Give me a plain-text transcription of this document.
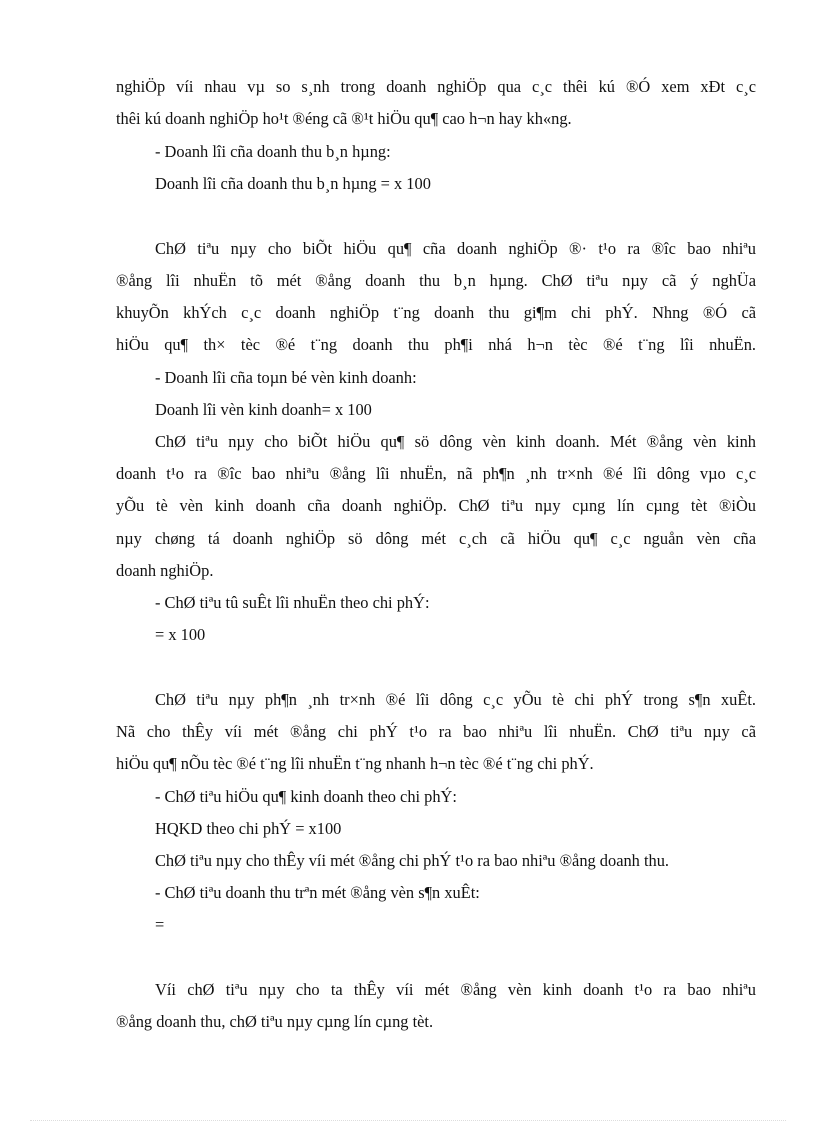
nghiÖp víi nhau vµ so s¸nh trong doanh nghiÖp qua c¸c thêi kú ®Ó xem xÐt c¸c

thêi kú doanh nghiÖp ho¹t ®éng cã ®¹t hiÖu qu¶ cao h¬n hay kh«ng.

- Doanh lîi cña doanh thu b¸n hµng:

Doanh lîi cña doanh thu b¸n hµng = x 100

ChØ tiªu nµy cho biÕt hiÖu qu¶ cña doanh nghiÖp ®· t¹o ra ®îc bao nhiªu

®ång lîi nhuËn tõ mét ®ång doanh thu b¸n hµng. ChØ tiªu nµy cã ý nghÜa

khuyÕn khÝch c¸c doanh nghiÖp t¨ng doanh thu gi¶m chi phÝ. Nhng ®Ó cã

hiÖu qu¶ th× tèc ®é t¨ng doanh thu ph¶i nhá h¬n tèc ®é t¨ng lîi nhuËn.

- Doanh lîi cña toµn bé vèn kinh doanh:

Doanh lîi vèn kinh doanh= x 100

ChØ tiªu nµy cho biÕt hiÖu qu¶ sö dông vèn kinh doanh. Mét ®ång vèn kinh

doanh t¹o ra ®îc bao nhiªu ®ång lîi nhuËn, nã ph¶n ¸nh tr×nh ®é lîi dông vµo c¸c

yÕu tè vèn kinh doanh cña doanh nghiÖp. ChØ tiªu nµy cµng lín cµng tèt ®iÒu

nµy chøng tá doanh nghiÖp sö dông mét c¸ch cã hiÖu qu¶ c¸c nguån vèn cña

doanh nghiÖp.

- ChØ tiªu tû suÊt lîi nhuËn theo chi phÝ:

= x 100

ChØ tiªu nµy ph¶n ¸nh tr×nh ®é lîi dông c¸c yÕu tè chi phÝ trong s¶n xuÊt.

Nã cho thÊy víi mét ®ång chi phÝ t¹o ra bao nhiªu lîi nhuËn. ChØ tiªu nµy cã

hiÖu qu¶ nÕu tèc ®é t¨ng lîi nhuËn t¨ng nhanh h¬n tèc ®é t¨ng chi phÝ.

- ChØ tiªu hiÖu qu¶ kinh doanh theo chi phÝ:

HQKD theo chi phÝ = x100

ChØ tiªu nµy cho thÊy víi mét ®ång chi phÝ t¹o ra bao nhiªu ®ång doanh thu.

- ChØ tiªu doanh thu trªn mét ®ång vèn s¶n xuÊt:

=

Víi chØ tiªu nµy cho ta thÊy víi mét ®ång vèn kinh doanh t¹o ra bao nhiªu

®ång doanh thu, chØ tiªu nµy cµng lín cµng tèt.
